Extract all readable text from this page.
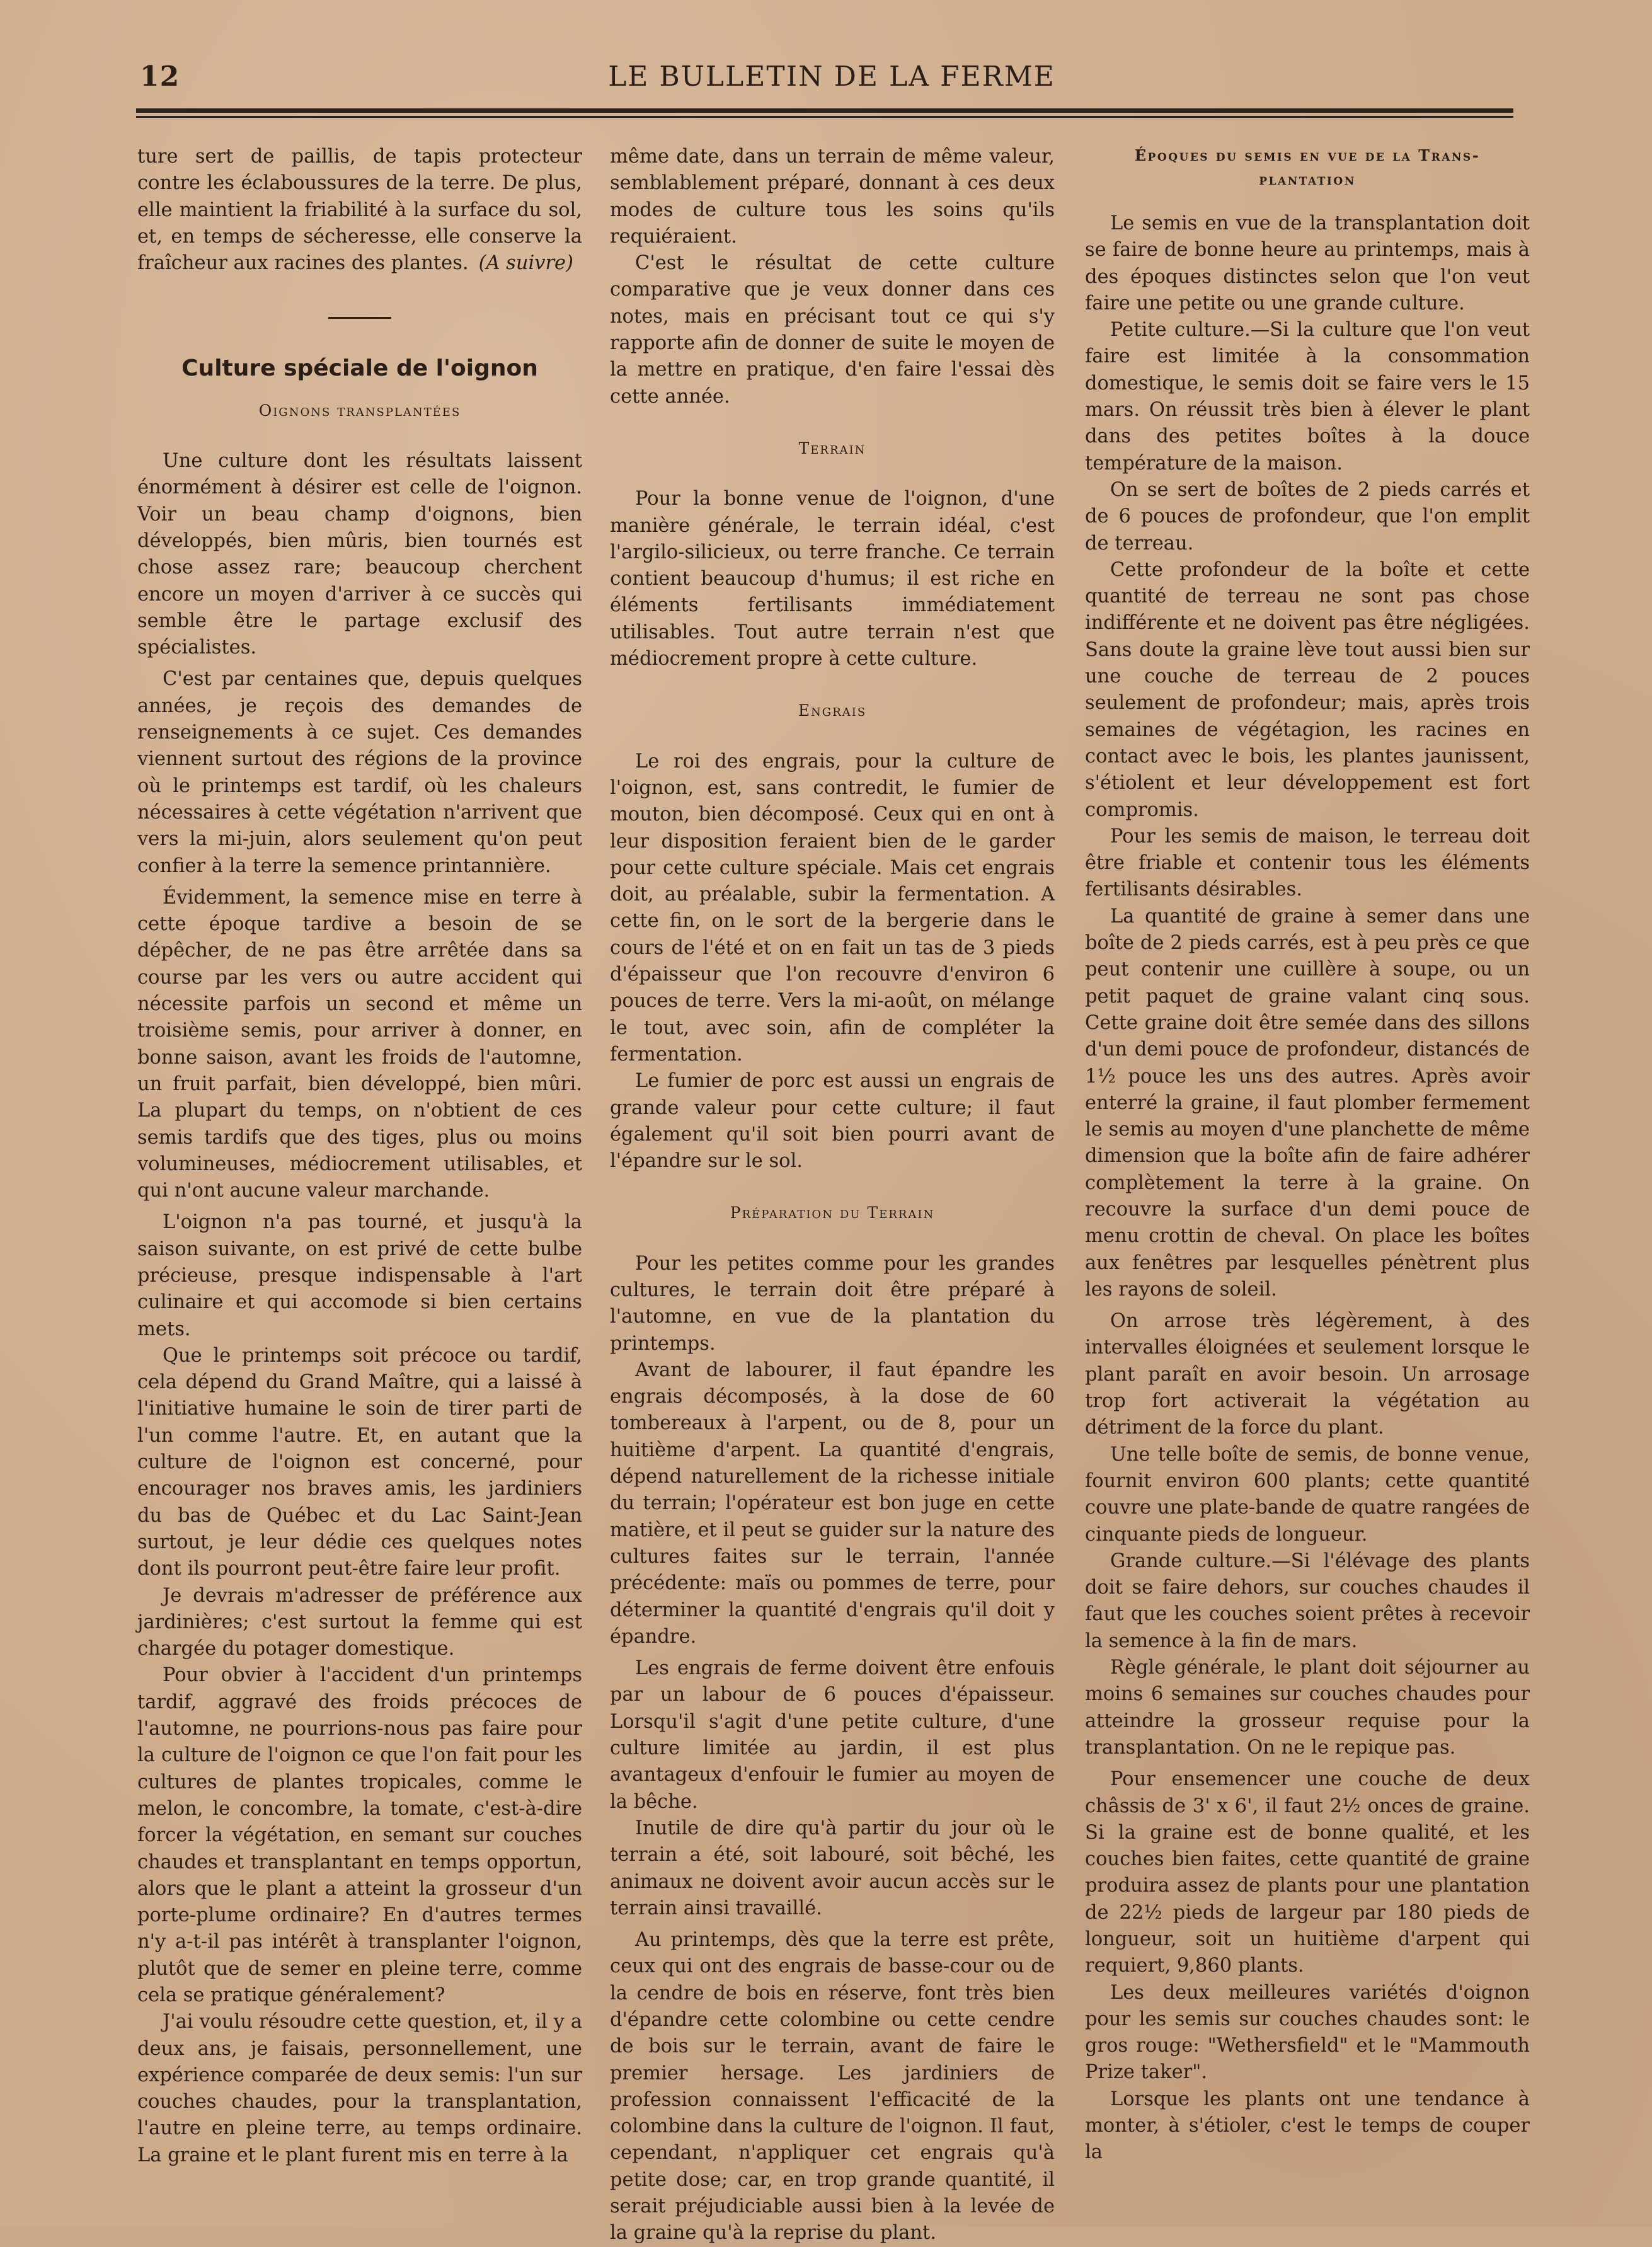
12	LE BULLETIN DE LA FERME

ture sert de paillis, de tapis protecteur contre les éclaboussures de la terre. De plus, elle maintient la friabilité à la surface du sol, et, en temps de sécheresse, elle conserve la fraîcheur aux racines des plantes. (A suivre)

Culture spéciale de l'oignon
Oignons transplantées

Une culture dont les résultats laissent énormément à désirer est celle de l'oignon. Voir un beau champ d'oignons, bien développés, bien mûris, bien tournés est chose assez rare; beaucoup cherchent encore un moyen d'arriver à ce succès qui semble être le partage exclusif des spécialistes.

C'est par centaines que, depuis quelques années, je reçois des demandes de renseignements à ce sujet. Ces demandes viennent surtout des régions de la province où le printemps est tardif, où les chaleurs nécessaires à cette végétation n'arrivent que vers la mi-juin, alors seulement qu'on peut confier à la terre la semence printannière.

Évidemment, la semence mise en terre à cette époque tardive a besoin de se dépêcher, de ne pas être arrêtée dans sa course par les vers ou autre accident qui nécessite parfois un second et même un troisième semis, pour arriver à donner, en bonne saison, avant les froids de l'automne, un fruit parfait, bien développé, bien mûri. La plupart du temps, on n'obtient de ces semis tardifs que des tiges, plus ou moins volumineuses, médiocrement utilisables, et qui n'ont aucune valeur marchande.

L'oignon n'a pas tourné, et jusqu'à la saison suivante, on est privé de cette bulbe précieuse, presque indispensable à l'art culinaire et qui accomode si bien certains mets.

Que le printemps soit précoce ou tardif, cela dépend du Grand Maître, qui a laissé à l'initiative humaine le soin de tirer parti de l'un comme l'autre. Et, en autant que la culture de l'oignon est concerné, pour encourager nos braves amis, les jardiniers du bas de Québec et du Lac Saint-Jean surtout, je leur dédie ces quelques notes dont ils pourront peut-être faire leur profit.

Je devrais m'adresser de préférence aux jardinières; c'est surtout la femme qui est chargée du potager domestique.

Pour obvier à l'accident d'un printemps tardif, aggravé des froids précoces de l'automne, ne pourrions-nous pas faire pour la culture de l'oignon ce que l'on fait pour les cultures de plantes tropicales, comme le melon, le concombre, la tomate, c'est-à-dire forcer la végétation, en semant sur couches chaudes et transplantant en temps opportun, alors que le plant a atteint la grosseur d'un porte-plume ordinaire? En d'autres termes n'y a-t-il pas intérêt à transplanter l'oignon, plutôt que de semer en pleine terre, comme cela se pratique généralement?

J'ai voulu résoudre cette question, et, il y a deux ans, je faisais, personnellement, une expérience comparée de deux semis: l'un sur couches chaudes, pour la transplantation, l'autre en pleine terre, au temps ordinaire. La graine et le plant furent mis en terre à la

même date, dans un terrain de même valeur, semblablement préparé, donnant à ces deux modes de culture tous les soins qu'ils requiéraient.

C'est le résultat de cette culture comparative que je veux donner dans ces notes, mais en précisant tout ce qui s'y rapporte afin de donner de suite le moyen de la mettre en pratique, d'en faire l'essai dès cette année.

Terrain

Pour la bonne venue de l'oignon, d'une manière générale, le terrain idéal, c'est l'argilo-silicieux, ou terre franche. Ce terrain contient beaucoup d'humus; il est riche en éléments fertilisants immédiatement utilisables. Tout autre terrain n'est que médiocrement propre à cette culture.

Engrais

Le roi des engrais, pour la culture de l'oignon, est, sans contredit, le fumier de mouton, bien décomposé. Ceux qui en ont à leur disposition feraient bien de le garder pour cette culture spéciale. Mais cet engrais doit, au préalable, subir la fermentation. A cette fin, on le sort de la bergerie dans le cours de l'été et on en fait un tas de 3 pieds d'épaisseur que l'on recouvre d'environ 6 pouces de terre. Vers la mi-août, on mélange le tout, avec soin, afin de compléter la fermentation.

Le fumier de porc est aussi un engrais de grande valeur pour cette culture; il faut également qu'il soit bien pourri avant de l'épandre sur le sol.

Préparation du Terrain

Pour les petites comme pour les grandes cultures, le terrain doit être préparé à l'automne, en vue de la plantation du printemps.

Avant de labourer, il faut épandre les engrais décomposés, à la dose de 60 tombereaux à l'arpent, ou de 8, pour un huitième d'arpent. La quantité d'engrais, dépend naturellement de la richesse initiale du terrain; l'opérateur est bon juge en cette matière, et il peut se guider sur la nature des cultures faites sur le terrain, l'année précédente: maïs ou pommes de terre, pour déterminer la quantité d'engrais qu'il doit y épandre.

Les engrais de ferme doivent être enfouis par un labour de 6 pouces d'épaisseur. Lorsqu'il s'agit d'une petite culture, d'une culture limitée au jardin, il est plus avantageux d'enfouir le fumier au moyen de la bêche.

Inutile de dire qu'à partir du jour où le terrain a été, soit labouré, soit bêché, les animaux ne doivent avoir aucun accès sur le terrain ainsi travaillé.

Au printemps, dès que la terre est prête, ceux qui ont des engrais de basse-cour ou de la cendre de bois en réserve, font très bien d'épandre cette colombine ou cette cendre de bois sur le terrain, avant de faire le premier hersage. Les jardiniers de profession connaissent l'efficacité de la colombine dans la culture de l'oignon. Il faut, cependant, n'appliquer cet engrais qu'à petite dose; car, en trop grande quantité, il serait préjudiciable aussi bien à la levée de la graine qu'à la reprise du plant.

Époques du semis en vue de la Trans-
plantation

Le semis en vue de la transplantation doit se faire de bonne heure au printemps, mais à des époques distinctes selon que l'on veut faire une petite ou une grande culture.

Petite culture.—Si la culture que l'on veut faire est limitée à la consommation domestique, le semis doit se faire vers le 15 mars. On réussit très bien à élever le plant dans des petites boîtes à la douce température de la maison.

On se sert de boîtes de 2 pieds carrés et de 6 pouces de profondeur, que l'on emplit de terreau.

Cette profondeur de la boîte et cette quantité de terreau ne sont pas chose indifférente et ne doivent pas être négligées. Sans doute la graine lève tout aussi bien sur une couche de terreau de 2 pouces seulement de profondeur; mais, après trois semaines de végétagion, les racines en contact avec le bois, les plantes jaunissent, s'étiolent et leur développement est fort compromis.

Pour les semis de maison, le terreau doit être friable et contenir tous les éléments fertilisants désirables.

La quantité de graine à semer dans une boîte de 2 pieds carrés, est à peu près ce que peut contenir une cuillère à soupe, ou un petit paquet de graine valant cinq sous. Cette graine doit être semée dans des sillons d'un demi pouce de profondeur, distancés de 1½ pouce les uns des autres. Après avoir enterré la graine, il faut plomber fermement le semis au moyen d'une planchette de même dimension que la boîte afin de faire adhérer complètement la terre à la graine. On recouvre la surface d'un demi pouce de menu crottin de cheval. On place les boîtes aux fenêtres par lesquelles pénètrent plus les rayons de soleil.

On arrose très légèrement, à des intervalles éloignées et seulement lorsque le plant paraît en avoir besoin. Un arrosage trop fort activerait la végétation au détriment de la force du plant.

Une telle boîte de semis, de bonne venue, fournit environ 600 plants; cette quantité couvre une plate-bande de quatre rangées de cinquante pieds de longueur.

Grande culture.—Si l'élévage des plants doit se faire dehors, sur couches chaudes il faut que les couches soient prêtes à recevoir la semence à la fin de mars.

Règle générale, le plant doit séjourner au moins 6 semaines sur couches chaudes pour atteindre la grosseur requise pour la transplantation. On ne le repique pas.

Pour ensemencer une couche de deux châssis de 3' x 6', il faut 2½ onces de graine. Si la graine est de bonne qualité, et les couches bien faites, cette quantité de graine produira assez de plants pour une plantation de 22½ pieds de largeur par 180 pieds de longueur, soit un huitième d'arpent qui requiert, 9,860 plants.

Les deux meilleures variétés d'oignon pour les semis sur couches chaudes sont: le gros rouge: "Wethersfield" et le "Mammouth Prize taker".

Lorsque les plants ont une tendance à monter, à s'étioler, c'est le temps de couper la
